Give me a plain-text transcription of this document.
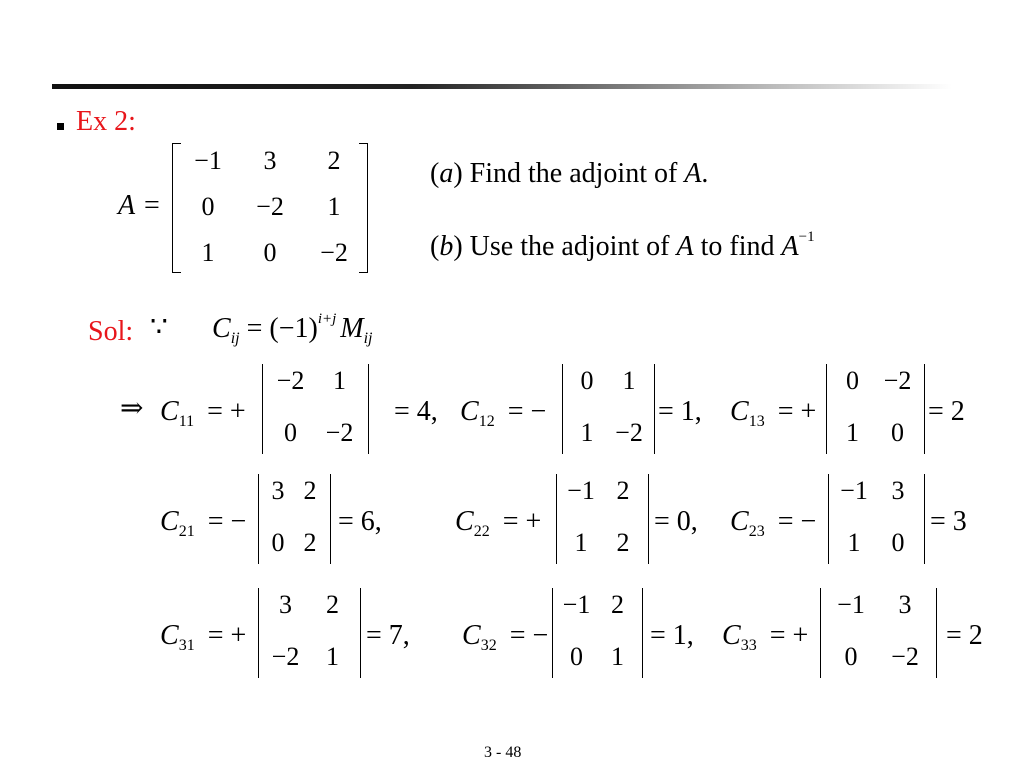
Ex 2:
A =
−1	3	2
0	−2	1
1	0	−2
(a) Find the adjoint of A.
(b) Use the adjoint of A to find $A^{-1}$
Sol: ∵ $C_{ij} = (-1)^{i+j}$ $M_{ij}$
⇒ $C_{11}$ = +
−2	1
0	−2
= 4, $C_{12}$ = −
0	1
1 −2
= 1, $C_{13}$ = +
0 −2
1	0
= 2
$C_{21}$ = −
3 2
0 2
= 6,	$C_{22}$ = +
−1 2
1	2
= 0, $C_{23}$ = −
−1 3
1	0
= 3
$C_{31}$ = +
3	2
−2	1
= 7, $C_{32}$ = −
−1 2
0	1
= 1, $C_{33}$ = +
−1	3
0	−2
= 2
3 - 48
